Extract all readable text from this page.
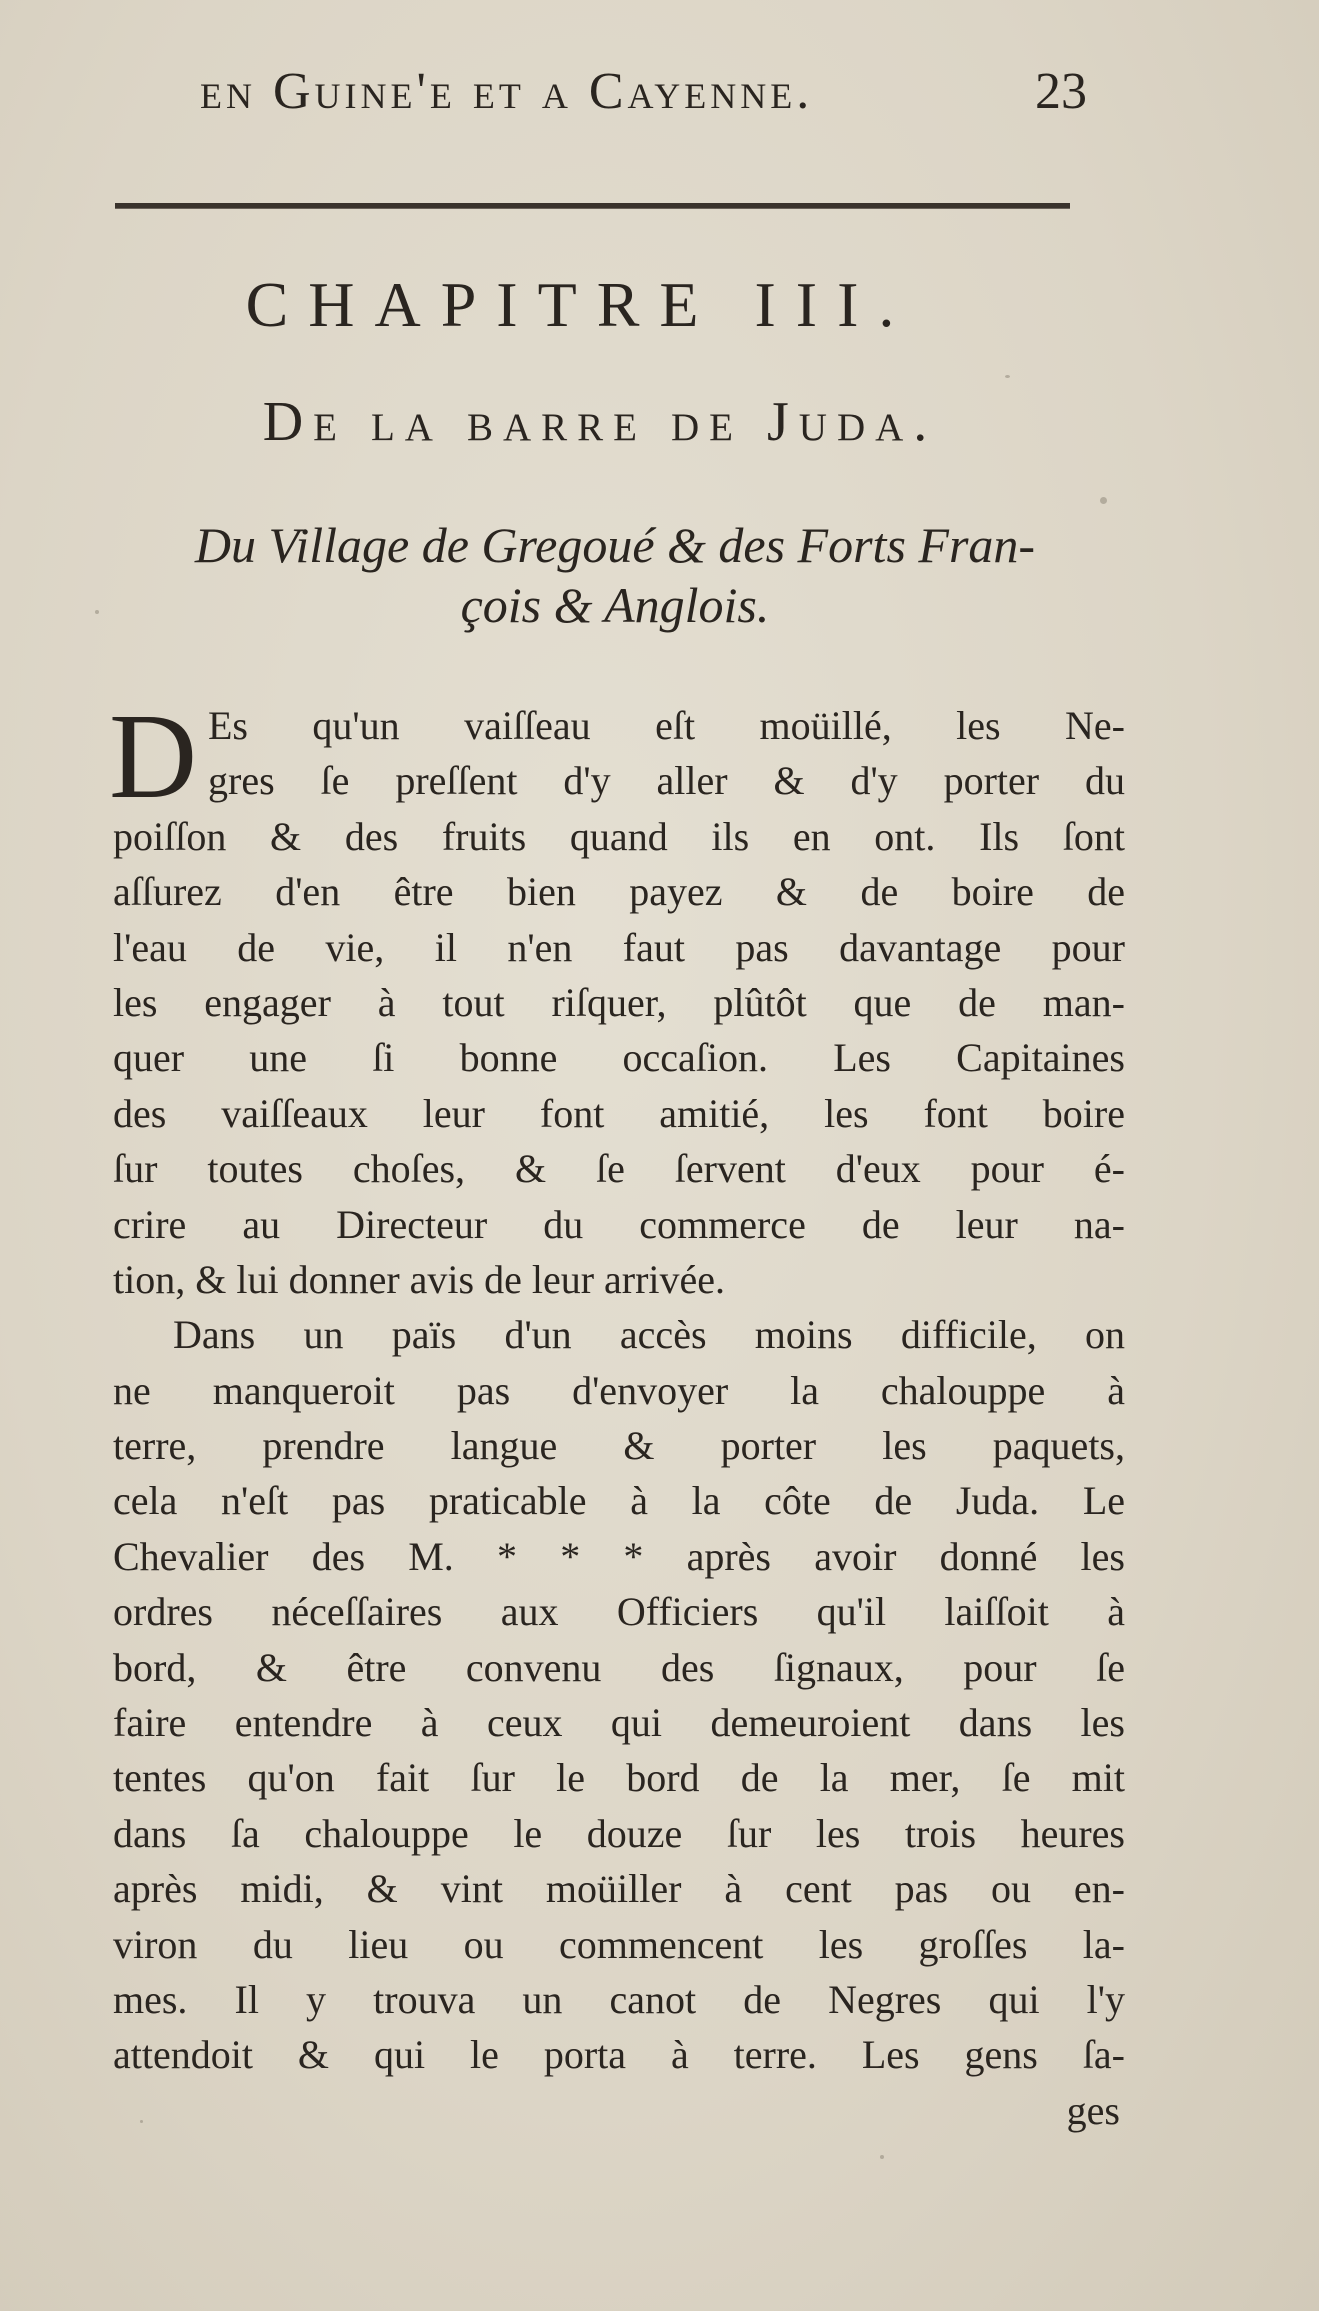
en Guine'e et a Cayenne.	23
CHAPITRE III.
De la barre de Juda.
Du Village de Gregoué & des Forts Fran-
çois & Anglois.
D Es qu'un vaiſſeau eſt moüillé, les Ne-
gres ſe preſſent d'y aller & d'y porter du
poiſſon & des fruits quand ils en ont. Ils ſont
aſſurez d'en être bien payez & de boire de
l'eau de vie, il n'en faut pas davantage pour
les engager à tout riſquer, plûtôt que de man-
quer une ſi bonne occaſion. Les Capitaines
des vaiſſeaux leur font amitié, les font boire
ſur toutes choſes, & ſe ſervent d'eux pour é-
crire au Directeur du commerce de leur na-
tion, & lui donner avis de leur arrivée.
Dans un païs d'un accès moins difficile, on
ne manqueroit pas d'envoyer la chalouppe à
terre, prendre langue & porter les paquets,
cela n'eſt pas praticable à la côte de Juda. Le
Chevalier des M. * * * après avoir donné les
ordres néceſſaires aux Officiers qu'il laiſſoit à
bord, & être convenu des ſignaux, pour ſe
faire entendre à ceux qui demeuroient dans les
tentes qu'on fait ſur le bord de la mer, ſe mit
dans ſa chalouppe le douze ſur les trois heures
après midi, & vint moüiller à cent pas ou en-
viron du lieu ou commencent les groſſes la-
mes. Il y trouva un canot de Negres qui l'y
attendoit & qui le porta à terre. Les gens ſa-
ges
